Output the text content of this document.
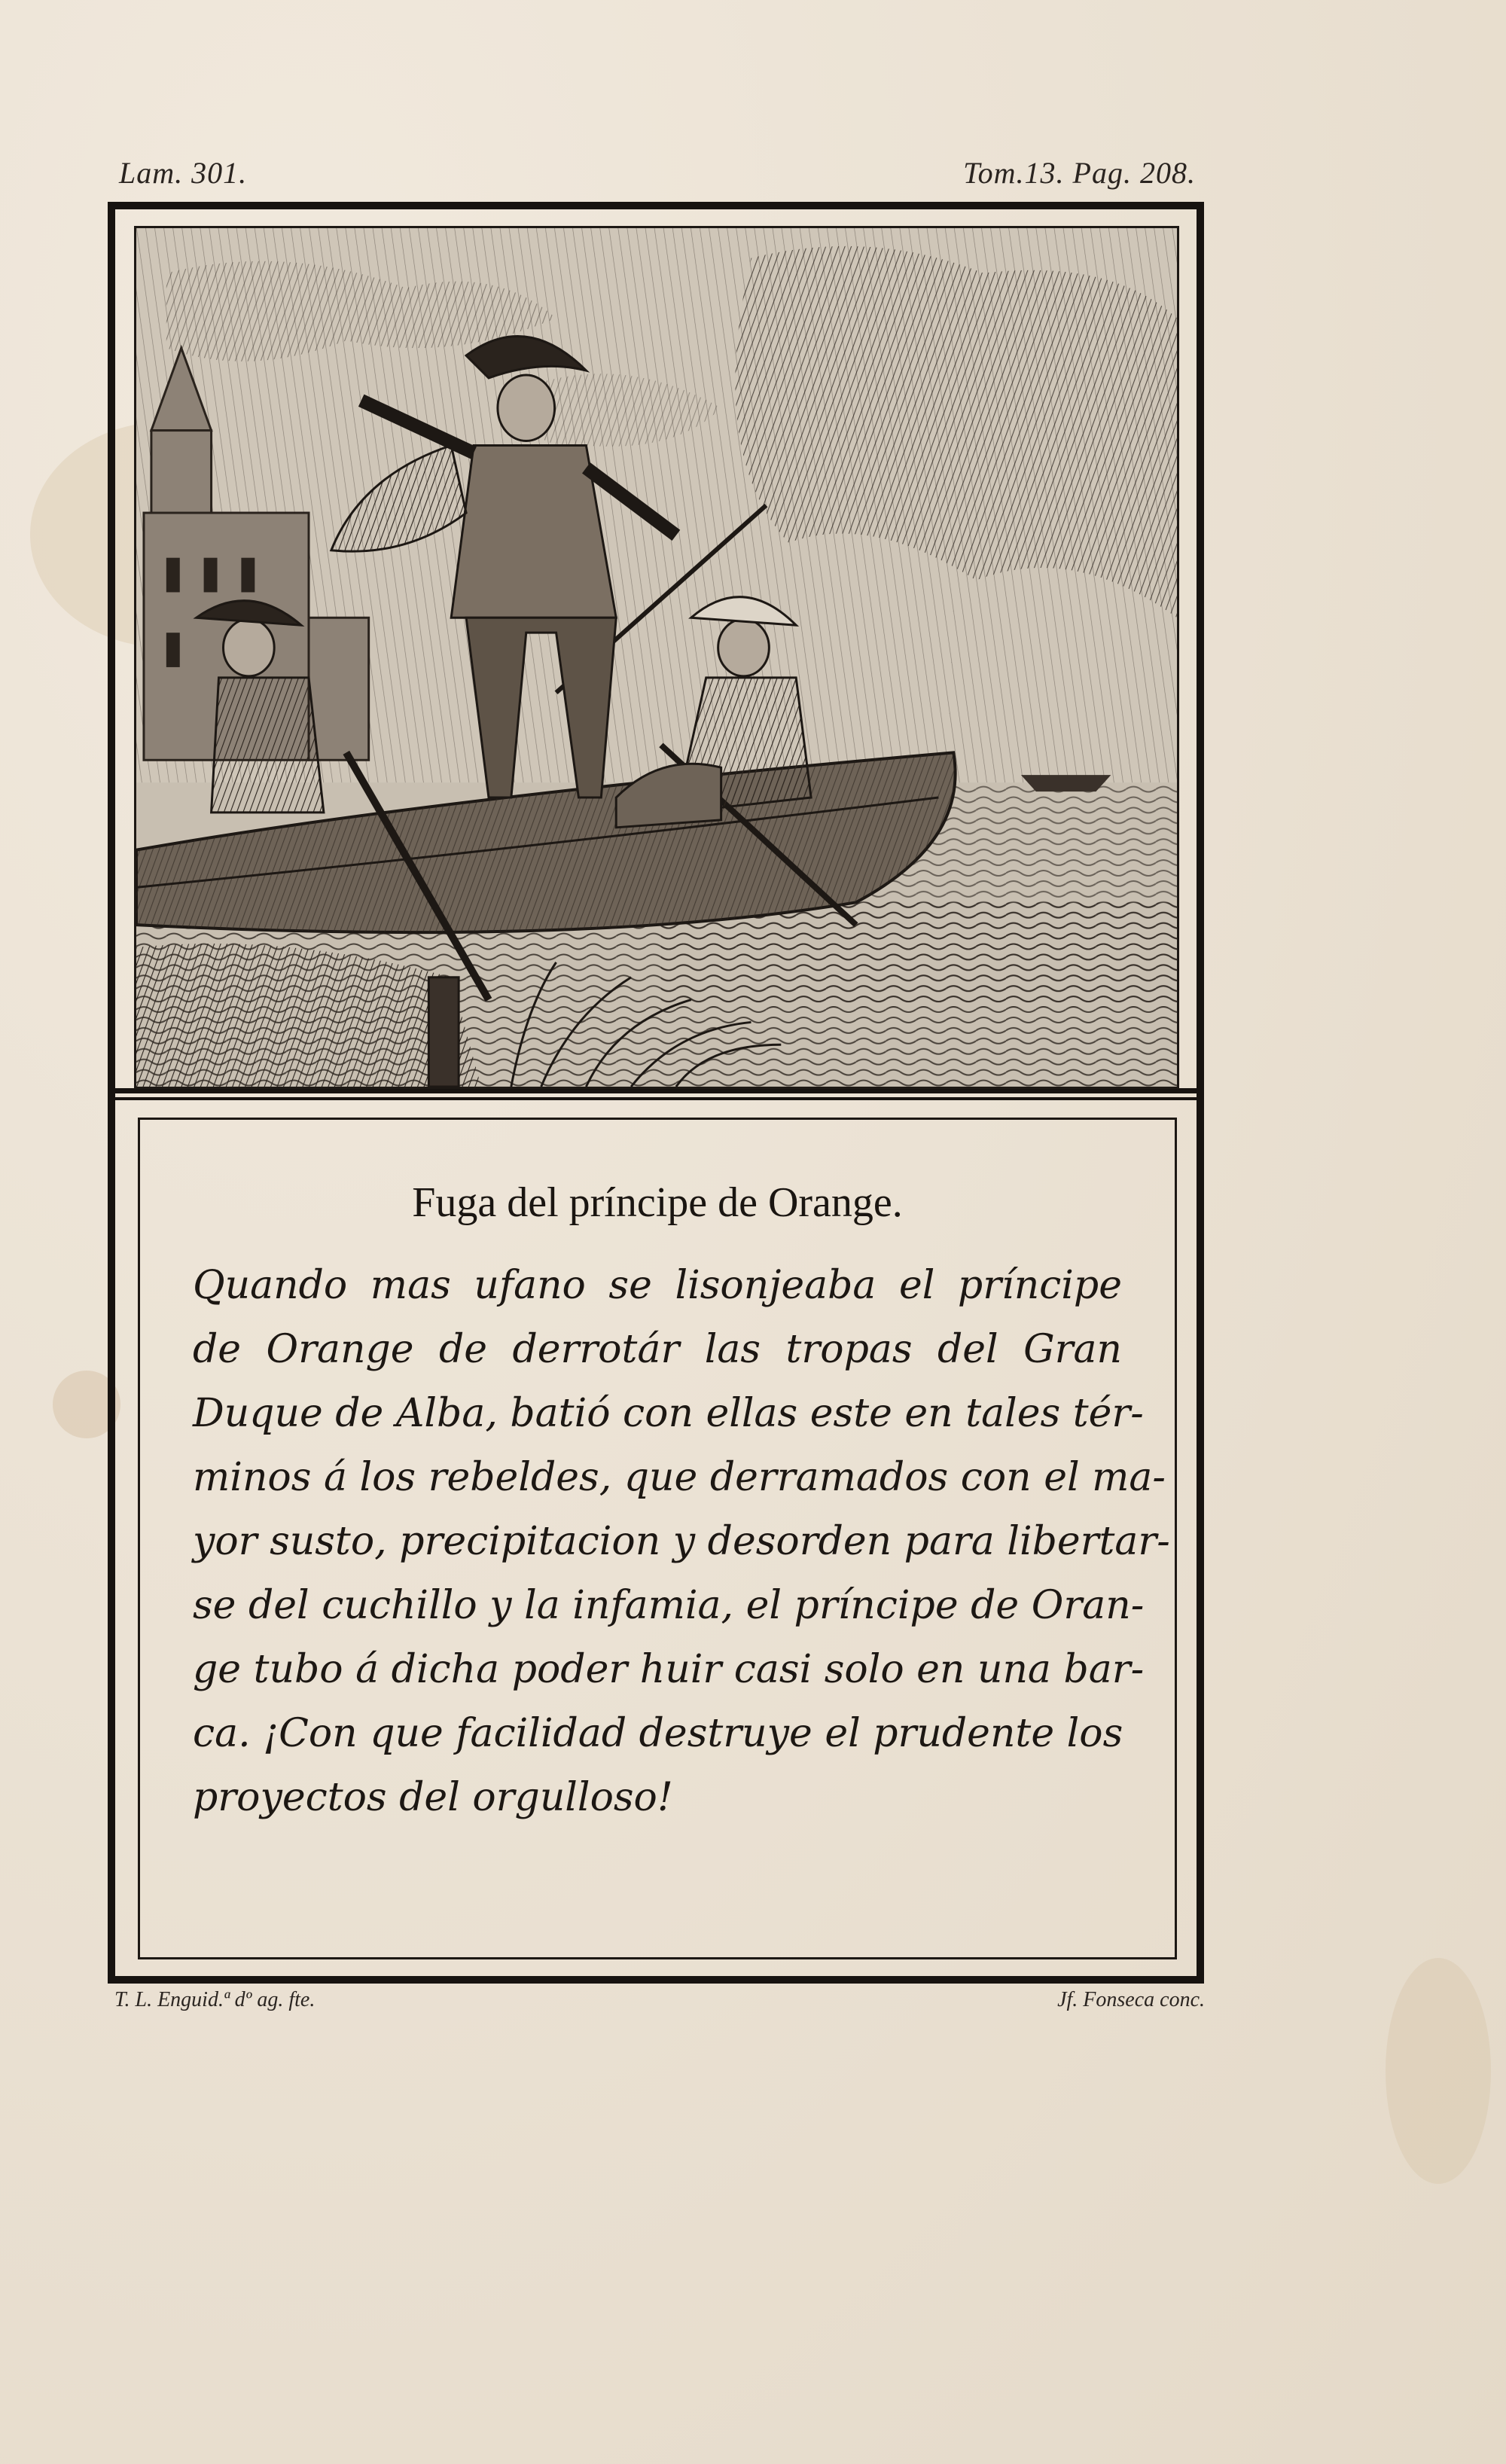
Lam. 301.	Tom.13. Pag. 208.
Fuga del príncipe de Orange.
Quando mas ufano se lisonjeaba el príncipe
de Orange de derrotár las tropas del Gran
Duque de Alba, batió con ellas este en tales tér-
minos á los rebeldes, que derramados con el ma-
yor susto, precipitacion y desorden para libertar-
se del cuchillo y la infamia, el príncipe de Oran-
ge tubo á dicha poder huir casi solo en una bar-
ca. ¡Con que facilidad destruye el prudente los
proyectos del orgulloso!
T. L. Enguid.ª dº ag. fte.	Jf. Fonseca conc.
